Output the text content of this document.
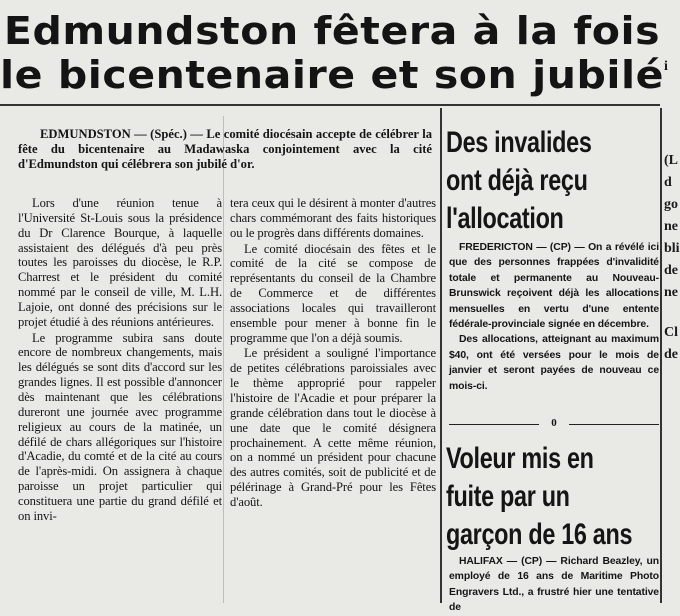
Edmundston fêtera à la fois
le bicentenaire et son jubilé

EDMUNDSTON — (Spéc.) — Le comité diocésain accepte de célébrer la fête du bicentenaire au Madawaska conjointement avec la cité d'Edmundston qui célébrera son jubilé d'or.

Lors d'une réunion tenue à l'Université St-Louis sous la présidence du Dr Clarence Bourque, à laquelle assistaient des délégués d'à peu près toutes les paroisses du diocèse, le R.P. Charrest et le président du comité nommé par le conseil de ville, M. L.H. Lajoie, ont donné des précisions sur le projet étudié à des réunions antérieures.

Le programme subira sans doute encore de nombreux changements, mais les délégués se sont dits d'accord sur les grandes lignes. Il est possible d'annoncer dès maintenant que les célébrations dureront une journée avec programme religieux au cours de la matinée, un défilé de chars allégoriques sur l'histoire d'Acadie, du comté et de la cité au cours de l'après-midi. On assignera à chaque paroisse un projet particulier qui constituera une partie du grand défilé et on invi-

tera ceux qui le désirent à monter d'autres chars commémorant des faits historiques ou le progrès dans différents domaines.

Le comité diocésain des fêtes et le comité de la cité se compose de représentants du conseil de la Chambre de Commerce et de différentes associations locales qui travailleront ensemble pour mener à bonne fin le programme que l'on a déjà soumis.

Le président a souligné l'importance de petites célébrations paroissiales avec le thème approprié pour rappeler l'histoire de l'Acadie et pour préparer la grande célébration dans tout le diocèse à une date que le comité désignera prochainement. A cette même réunion, on a nommé un président pour chacune des autres comités, soit de publicité et de pélérinage à Grand-Pré pour les Fêtes d'août.

Des invalides
ont déjà reçu
l'allocation

FREDERICTON — (CP) — On a révélé ici que des personnes frappées d'invalidité totale et permanente au Nouveau-Brunswick reçoivent déjà les allocations mensuelles en vertu d'une entente fédérale-provinciale signée en décembre.

Des allocations, atteignant au maximum $40, ont été versées pour le mois de janvier et seront payées de nouveau ce mois-ci.

0
Voleur mis en
fuite par un
garçon de 16 ans

HALIFAX — (CP) — Richard Beazley, un employé de 16 ans de Maritime Photo Engravers Ltd., a frustré hier une tentative de

i
(L
d
go
ne
bli
de
ne
Cl
de
